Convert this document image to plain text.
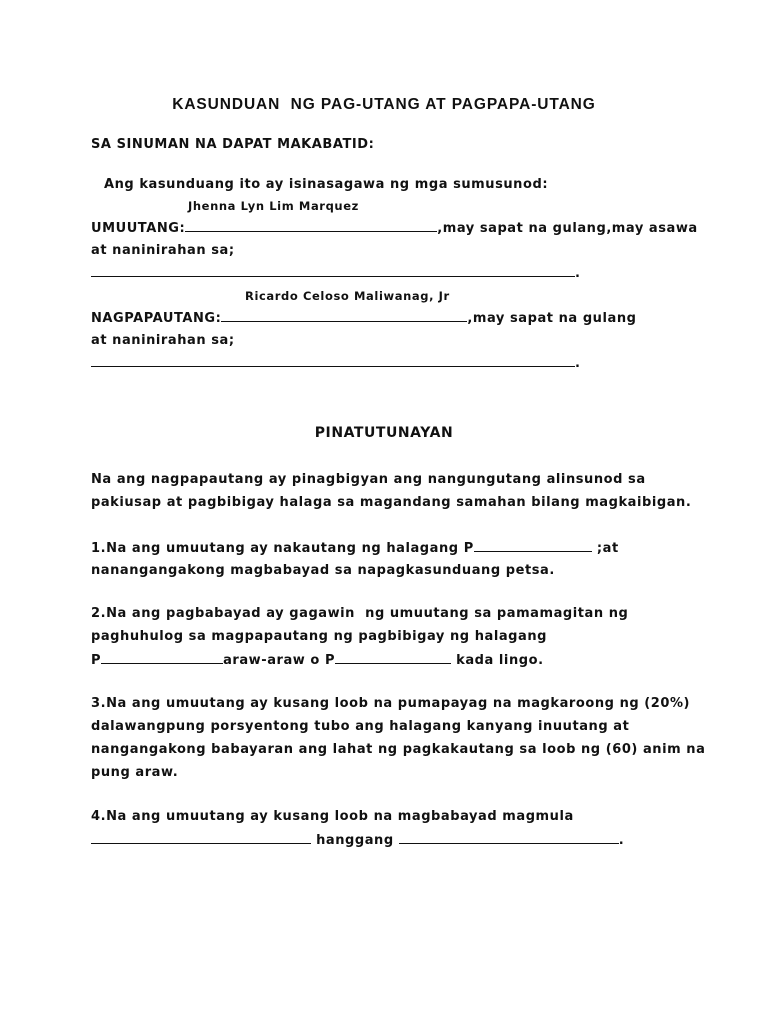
KASUNDUAN  NG PAG-UTANG AT PAGPAPA-UTANG
SA SINUMAN NA DAPAT MAKABATID:
Ang kasunduang ito ay isinasagawa ng mga sumusunod:
Jhenna Lyn Lim Marquez
UMUUTANG:	,may sapat na gulang,may asawa
at naninirahan sa;
.
Ricardo Celoso Maliwanag, Jr
NAGPAPAUTANG:	,may sapat na gulang
at naninirahan sa;
.
PINATUTUNAYAN
Na ang nagpapautang ay pinagbigyan ang nangungutang alinsunod sa
pakiusap at pagbibigay halaga sa magandang samahan bilang magkaibigan.
1.Na ang umuutang ay nakautang ng halagang P	;at
nanangangakong magbabayad sa napagkasunduang petsa.
2.Na ang pagbabayad ay gagawin  ng umuutang sa pamamagitan ng
paghuhulog sa magpapautang ng pagbibigay ng halagang
P	araw-araw o P	kada lingo.
3.Na ang umuutang ay kusang loob na pumapayag na magkaroong ng (20%)
dalawangpung porsyentong tubo ang halagang kanyang inuutang at
nangangakong babayaran ang lahat ng pagkakautang sa loob ng (60) anim na
pung araw.
4.Na ang umuutang ay kusang loob na magbabayad magmula
hanggang	.
